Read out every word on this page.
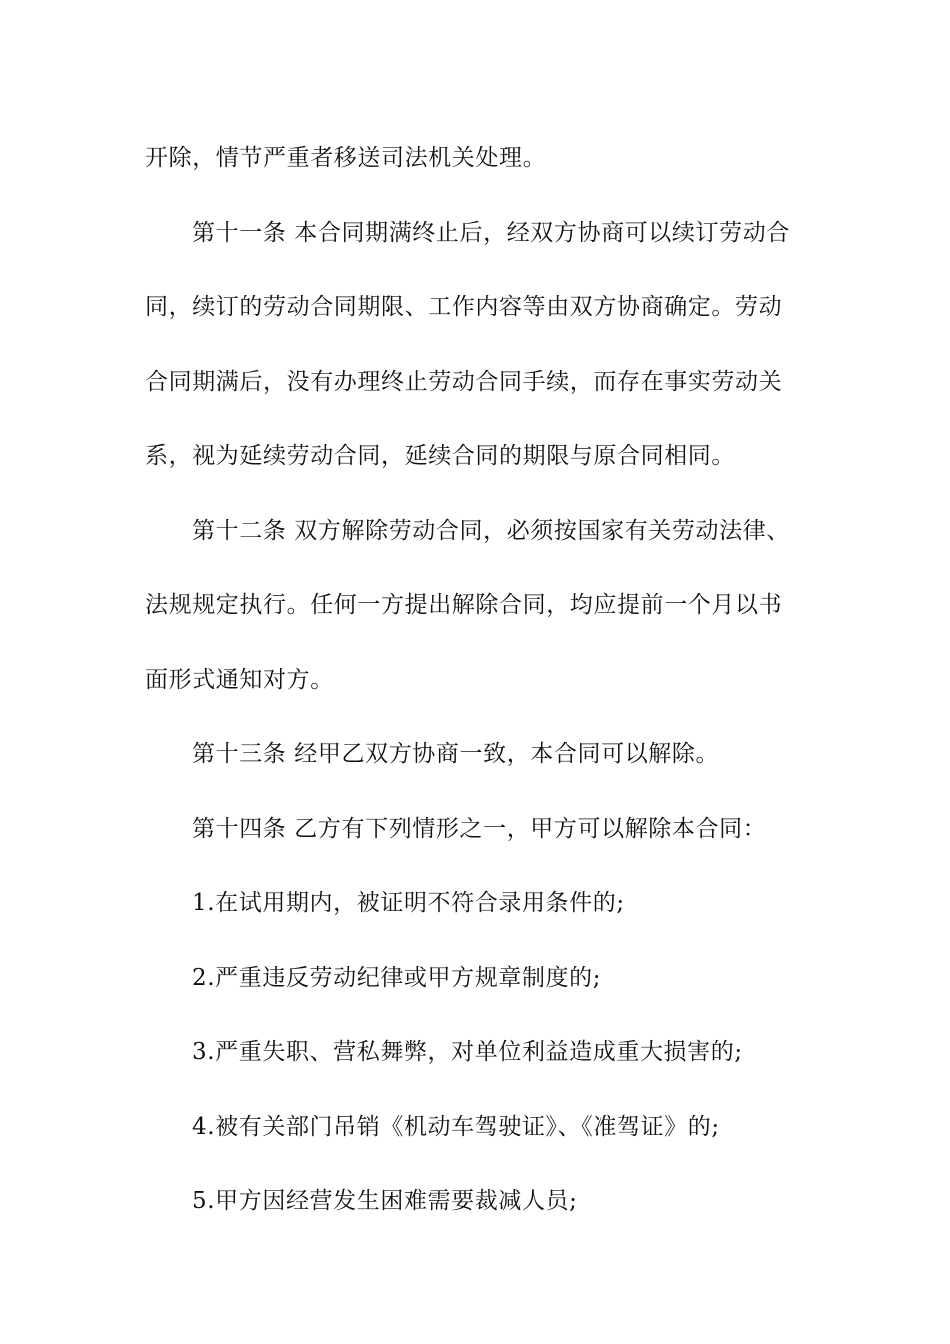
开除，情节严重者移送司法机关处理。
第十一条 本合同期满终止后，经双方协商可以续订劳动合
同，续订的劳动合同期限、工作内容等由双方协商确定。劳动
合同期满后，没有办理终止劳动合同手续，而存在事实劳动关
系，视为延续劳动合同，延续合同的期限与原合同相同。
第十二条 双方解除劳动合同，必须按国家有关劳动法律、
法规规定执行。任何一方提出解除合同，均应提前一个月以书
面形式通知对方。
第十三条 经甲乙双方协商一致，本合同可以解除。
第十四条 乙方有下列情形之一，甲方可以解除本合同：
1.在试用期内，被证明不符合录用条件的;
2.严重违反劳动纪律或甲方规章制度的;
3.严重失职、营私舞弊，对单位利益造成重大损害的;
4.被有关部门吊销《机动车驾驶证》、《准驾证》的;
5.甲方因经营发生困难需要裁减人员;
